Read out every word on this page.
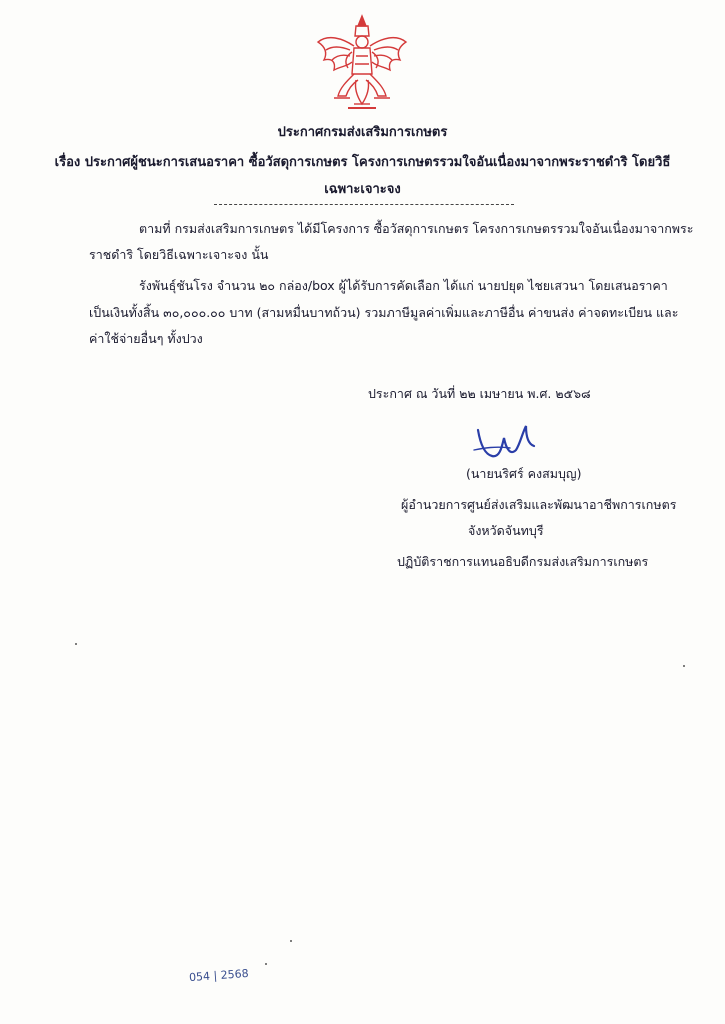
ประกาศกรมส่งเสริมการเกษตร
เรื่อง ประกาศผู้ชนะการเสนอราคา ซื้อวัสดุการเกษตร โครงการเกษตรรวมใจอันเนื่องมาจากพระราชดำริ โดยวิธี
เฉพาะเจาะจง
ตามที่ กรมส่งเสริมการเกษตร ได้มีโครงการ ซื้อวัสดุการเกษตร โครงการเกษตรรวมใจอันเนื่องมาจากพระ
ราชดำริ โดยวิธีเฉพาะเจาะจง นั้น
รังพันธุ์ชันโรง จำนวน ๒๐ กล่อง/box ผู้ได้รับการคัดเลือก ได้แก่ นายปยุต ไชยเสวนา โดยเสนอราคา
เป็นเงินทั้งสิ้น ๓๐,๐๐๐.๐๐ บาท (สามหมื่นบาทถ้วน) รวมภาษีมูลค่าเพิ่มและภาษีอื่น ค่าขนส่ง ค่าจดทะเบียน และ
ค่าใช้จ่ายอื่นๆ ทั้งปวง
ประกาศ ณ วันที่ ๒๒ เมษายน พ.ศ. ๒๕๖๘
(นายนริศร์ คงสมบุญ)
ผู้อำนวยการศูนย์ส่งเสริมและพัฒนาอาชีพการเกษตร
จังหวัดจันทบุรี
ปฏิบัติราชการแทนอธิบดีกรมส่งเสริมการเกษตร
054 | 2568
